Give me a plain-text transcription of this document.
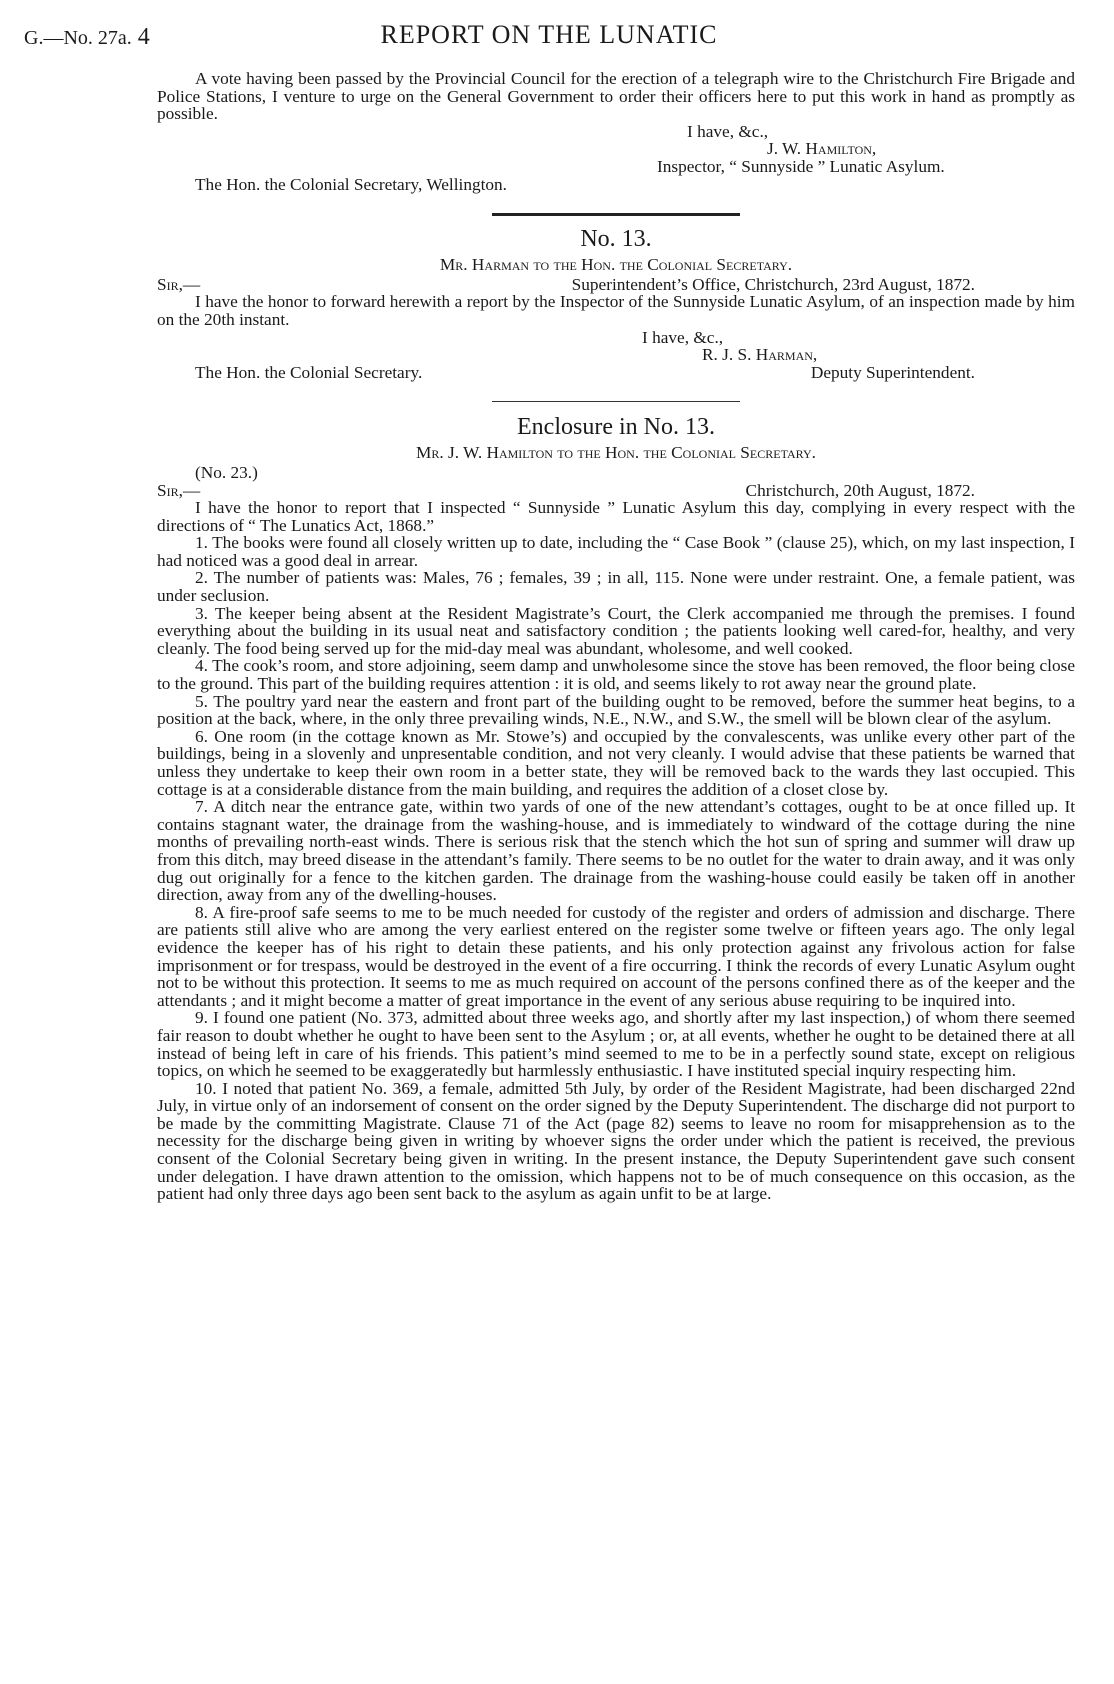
G.—No. 27a. 4	REPORT ON THE LUNATIC

A vote having been passed by the Provincial Council for the erection of a telegraph wire to the Christchurch Fire Brigade and Police Stations, I venture to urge on the General Government to order their officers here to put this work in hand as promptly as possible.

I have, &c.,

J. W. Hamilton,

Inspector, “ Sunnyside ” Lunatic Asylum.

The Hon. the Colonial Secretary, Wellington.

No. 13.

Mr. Harman to the Hon. the Colonial Secretary.

Sir,—	Superintendent’s Office, Christchurch, 23rd August, 1872.

I have the honor to forward herewith a report by the Inspector of the Sunnyside Lunatic Asylum, of an inspection made by him on the 20th instant.

I have, &c.,

R. J. S. Harman,

The Hon. the Colonial Secretary.	Deputy Superintendent.
Enclosure in No. 13.

Mr. J. W. Hamilton to the Hon. the Colonial Secretary.

(No. 23.)

Sir,—	Christchurch, 20th August, 1872.

I have the honor to report that I inspected “ Sunnyside ” Lunatic Asylum this day, complying in every respect with the directions of “ The Lunatics Act, 1868.”

1. The books were found all closely written up to date, including the “ Case Book ” (clause 25), which, on my last inspection, I had noticed was a good deal in arrear.

2. The number of patients was: Males, 76 ; females, 39 ; in all, 115. None were under restraint. One, a female patient, was under seclusion.

3. The keeper being absent at the Resident Magistrate’s Court, the Clerk accompanied me through the premises. I found everything about the building in its usual neat and satisfactory condition ; the patients looking well cared-for, healthy, and very cleanly. The food being served up for the mid-day meal was abundant, wholesome, and well cooked.

4. The cook’s room, and store adjoining, seem damp and unwholesome since the stove has been removed, the floor being close to the ground. This part of the building requires attention : it is old, and seems likely to rot away near the ground plate.

5. The poultry yard near the eastern and front part of the building ought to be removed, before the summer heat begins, to a position at the back, where, in the only three prevailing winds, N.E., N.W., and S.W., the smell will be blown clear of the asylum.

6. One room (in the cottage known as Mr. Stowe’s) and occupied by the convalescents, was unlike every other part of the buildings, being in a slovenly and unpresentable condition, and not very cleanly. I would advise that these patients be warned that unless they undertake to keep their own room in a better state, they will be removed back to the wards they last occupied. This cottage is at a considerable distance from the main building, and requires the addition of a closet close by.

7. A ditch near the entrance gate, within two yards of one of the new attendant’s cottages, ought to be at once filled up. It contains stagnant water, the drainage from the washing-house, and is immediately to windward of the cottage during the nine months of prevailing north-east winds. There is serious risk that the stench which the hot sun of spring and summer will draw up from this ditch, may breed disease in the attendant’s family. There seems to be no outlet for the water to drain away, and it was only dug out originally for a fence to the kitchen garden. The drainage from the washing-house could easily be taken off in another direction, away from any of the dwelling-houses.

8. A fire-proof safe seems to me to be much needed for custody of the register and orders of admission and discharge. There are patients still alive who are among the very earliest entered on the register some twelve or fifteen years ago. The only legal evidence the keeper has of his right to detain these patients, and his only protection against any frivolous action for false imprisonment or for trespass, would be destroyed in the event of a fire occurring. I think the records of every Lunatic Asylum ought not to be without this protection. It seems to me as much required on account of the persons confined there as of the keeper and the attendants ; and it might become a matter of great importance in the event of any serious abuse requiring to be inquired into.

9. I found one patient (No. 373, admitted about three weeks ago, and shortly after my last inspection,) of whom there seemed fair reason to doubt whether he ought to have been sent to the Asylum ; or, at all events, whether he ought to be detained there at all instead of being left in care of his friends. This patient’s mind seemed to me to be in a perfectly sound state, except on religious topics, on which he seemed to be exaggeratedly but harmlessly enthusiastic. I have instituted special inquiry respecting him.

10. I noted that patient No. 369, a female, admitted 5th July, by order of the Resident Magistrate, had been discharged 22nd July, in virtue only of an indorsement of consent on the order signed by the Deputy Superintendent. The discharge did not purport to be made by the committing Magistrate. Clause 71 of the Act (page 82) seems to leave no room for misapprehension as to the necessity for the discharge being given in writing by whoever signs the order under which the patient is received, the previous consent of the Colonial Secretary being given in writing. In the present instance, the Deputy Superintendent gave such consent under delegation. I have drawn attention to the omission, which happens not to be of much consequence on this occasion, as the patient had only three days ago been sent back to the asylum as again unfit to be at large.
